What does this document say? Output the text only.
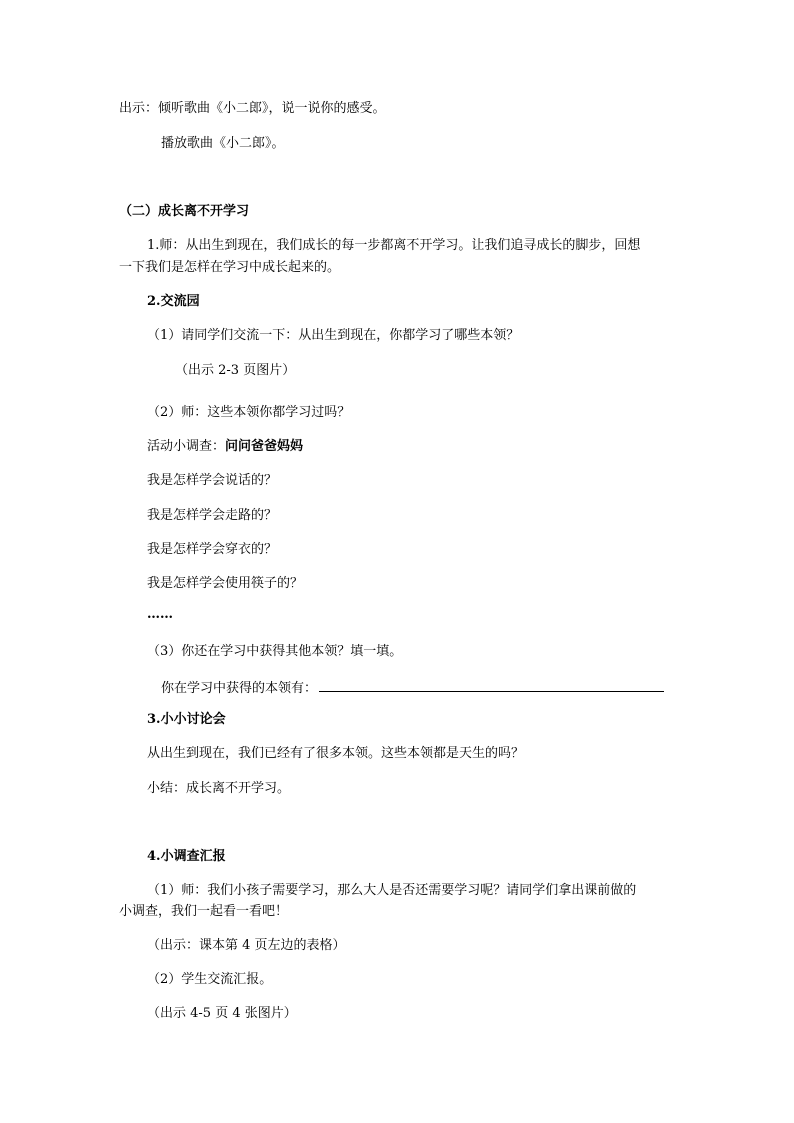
出示：倾听歌曲《小二郎》，说一说你的感受。
播放歌曲《小二郎》。
（二）成长离不开学习
1.师：从出生到现在，我们成长的每一步都离不开学习。让我们追寻成长的脚步，回想
一下我们是怎样在学习中成长起来的。
2.交流园
（1）请同学们交流一下：从出生到现在，你都学习了哪些本领？
（出示 2-3 页图片）
（2）师：这些本领你都学习过吗？
活动小调查：问问爸爸妈妈
我是怎样学会说话的？
我是怎样学会走路的？
我是怎样学会穿衣的？
我是怎样学会使用筷子的？
……
（3）你还在学习中获得其他本领？填一填。
你在学习中获得的本领有：
3.小小讨论会
从出生到现在，我们已经有了很多本领。这些本领都是天生的吗？
小结：成长离不开学习。
4.小调查汇报
（1）师：我们小孩子需要学习，那么大人是否还需要学习呢？请同学们拿出课前做的
小调查，我们一起看一看吧！
（出示：课本第 4 页左边的表格）
（2）学生交流汇报。
（出示 4-5 页 4 张图片）
